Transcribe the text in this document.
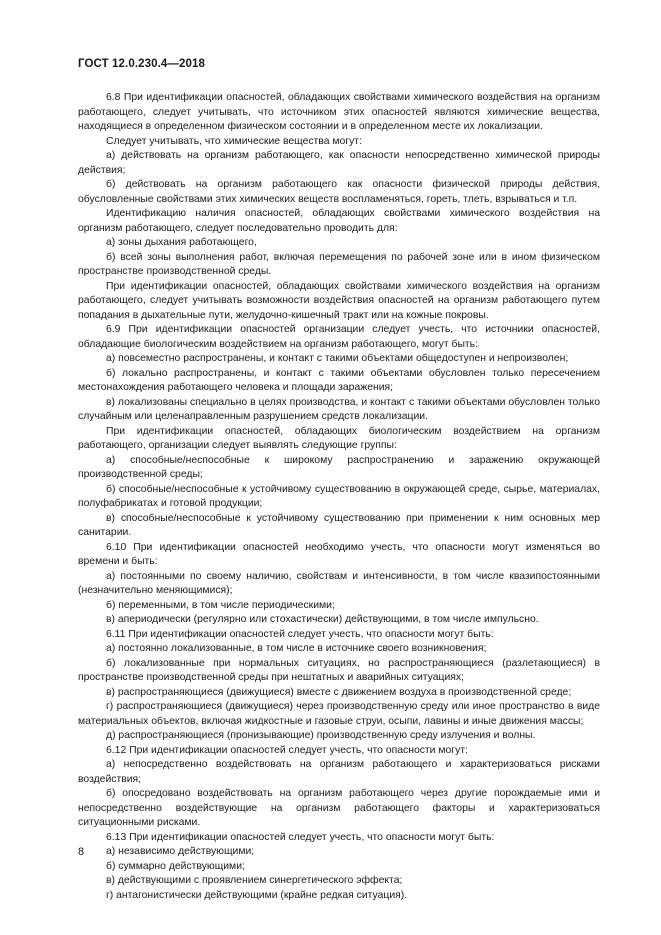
ГОСТ 12.0.230.4—2018

6.8 При идентификации опасностей, обладающих свойствами химического воздействия на организм работающего, следует учитывать, что источником этих опасностей являются химические вещества, находящиеся в определенном физическом состоянии и в определенном месте их локализации.

Следует учитывать, что химические вещества могут:

а) действовать на организм работающего, как опасности непосредственно химической природы действия;

б) действовать на организм работающего как опасности физической природы действия, обусловленные свойствами этих химических веществ воспламеняться, гореть, тлеть, взрываться и т.п.

Идентификацию наличия опасностей, обладающих свойствами химического воздействия на организм работающего, следует последовательно проводить для:

а) зоны дыхания работающего,

б) всей зоны выполнения работ, включая перемещения по рабочей зоне или в ином физическом пространстве производственной среды.

При идентификации опасностей, обладающих свойствами химического воздействия на организм работающего, следует учитывать возможности воздействия опасностей на организм работающего путем попадания в дыхательные пути, желудочно-кишечный тракт или на кожные покровы.

6.9 При идентификации опасностей организации следует учесть, что источники опасностей, обладающие биологическим воздействием на организм работающего, могут быть:

а) повсеместно распространены, и контакт с такими объектами общедоступен и непроизволен;

б) локально распространены, и контакт с такими объектами обусловлен только пересечением местонахождения работающего человека и площади заражения;

в) локализованы специально в целях производства, и контакт с такими объектами обусловлен только случайным или целенаправленным разрушением средств локализации.

При идентификации опасностей, обладающих биологическим воздействием на организм работающего, организации следует выявлять следующие группы:

а) способные/неспособные к широкому распространению и заражению окружающей производственной среды;

б) способные/неспособные к устойчивому существованию в окружающей среде, сырье, материалах, полуфабрикатах и готовой продукции;

в) способные/неспособные к устойчивому существованию при применении к ним основных мер санитарии.

6.10 При идентификации опасностей необходимо учесть, что опасности могут изменяться во времени и быть:

а) постоянными по своему наличию, свойствам и интенсивности, в том числе квазипостоянными (незначительно меняющимися);

б) переменными, в том числе периодическими;

в) апериодически (регулярно или стохастически) действующими, в том числе импульсно.

6.11 При идентификации опасностей следует учесть, что опасности могут быть:

а) постоянно локализованные, в том числе в источнике своего возникновения;

б) локализованные при нормальных ситуациях, но распространяющиеся (разлетающиеся) в пространстве производственной среды при нештатных и аварийных ситуациях;

в) распространяющиеся (движущиеся) вместе с движением воздуха в производственной среде;

г) распространяющиеся (движущиеся) через производственную среду или иное пространство в виде материальных объектов, включая жидкостные и газовые струи, осыпи, лавины и иные движения массы;

д) распространяющиеся (пронизывающие) производственную среду излучения и волны.

6.12 При идентификации опасностей следует учесть, что опасности могут:

а) непосредственно воздействовать на организм работающего и характеризоваться рисками воздействия;

б) опосредовано воздействовать на организм работающего через другие порождаемые ими и непосредственно воздействующие на организм работающего факторы и характеризоваться ситуационными рисками.

6.13 При идентификации опасностей следует учесть, что опасности могут быть:

а) независимо действующими;

б) суммарно действующими;

в) действующими с проявлением синергетического эффекта;

г) антагонистически действующими (крайне редкая ситуация).

8
